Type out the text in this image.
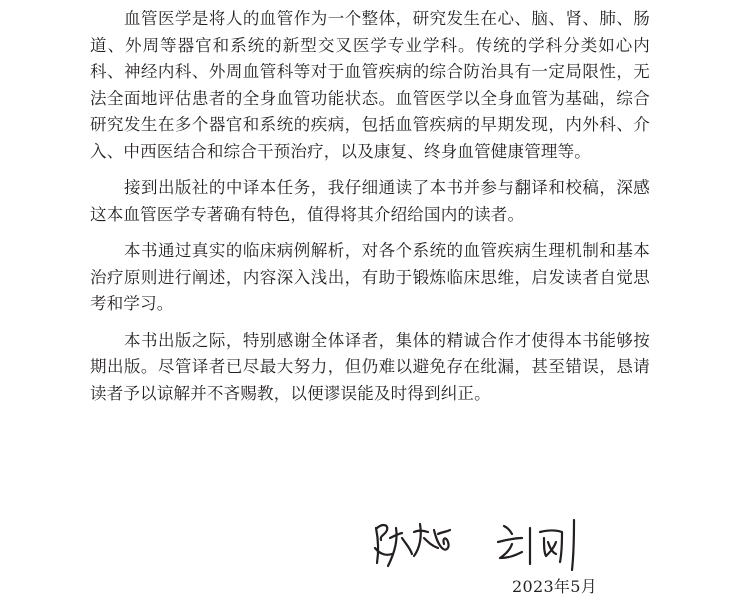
血管医学是将人的血管作为一个整体，研究发生在心、脑、肾、肺、肠道、外周等器官和系统的新型交叉医学专业学科。传统的学科分类如心内科、神经内科、外周血管科等对于血管疾病的综合防治具有一定局限性，无法全面地评估患者的全身血管功能状态。血管医学以全身血管为基础，综合研究发生在多个器官和系统的疾病，包括血管疾病的早期发现，内外科、介入、中西医结合和综合干预治疗，以及康复、终身血管健康管理等。

接到出版社的中译本任务，我仔细通读了本书并参与翻译和校稿，深感这本血管医学专著确有特色，值得将其介绍给国内的读者。

本书通过真实的临床病例解析，对各个系统的血管疾病生理机制和基本治疗原则进行阐述，内容深入浅出，有助于锻炼临床思维，启发读者自觉思考和学习。

本书出版之际，特别感谢全体译者，集体的精诚合作才使得本书能够按期出版。尽管译者已尽最大努力，但仍难以避免存在纰漏，甚至错误，恳请读者予以谅解并不吝赐教，以便谬误能及时得到纠正。

2023年5月
